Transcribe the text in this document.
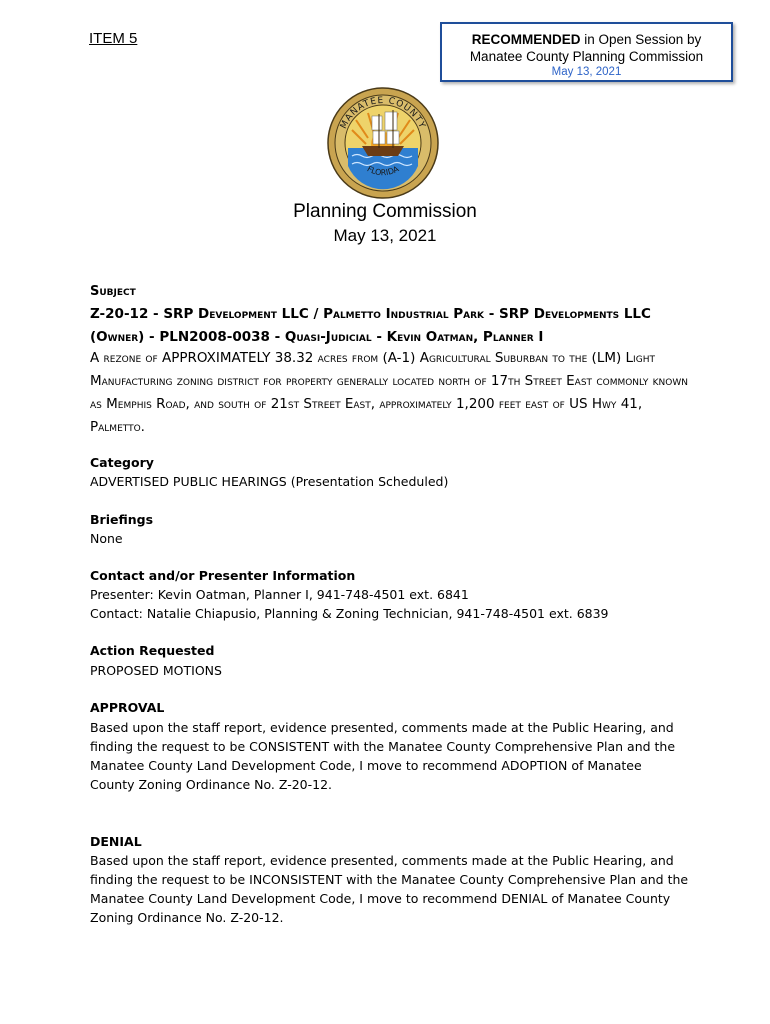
ITEM 5	RECOMMENDED in Open Session by
Manatee County Planning Commission
May 13, 2021
MANATEE COUNTY
FLORIDA
Planning Commission
May 13, 2021
Subject
Z-20-12 - SRP Development LLC / Palmetto Industrial Park - SRP Developments LLC (Owner) - PLN2008-0038 - Quasi-Judicial - Kevin Oatman, Planner I
A rezone of APPROXIMATELY 38.32 acres from (A-1) Agricultural Suburban to the (LM) Light Manufacturing zoning district for property generally located north of 17th Street East commonly known as Memphis Road, and south of 21st Street East, approximately 1,200 feet east of US Hwy 41, Palmetto.
Category
ADVERTISED PUBLIC HEARINGS (Presentation Scheduled)
Briefings
None
Contact and/or Presenter Information
Presenter: Kevin Oatman, Planner I, 941-748-4501 ext. 6841
Contact: Natalie Chiapusio, Planning & Zoning Technician, 941-748-4501 ext. 6839
Action Requested
PROPOSED MOTIONS
APPROVAL
Based upon the staff report, evidence presented, comments made at the Public Hearing, and finding the request to be CONSISTENT with the Manatee County Comprehensive Plan and the Manatee County Land Development Code, I move to recommend ADOPTION of Manatee County Zoning Ordinance No. Z-20-12.
DENIAL
Based upon the staff report, evidence presented, comments made at the Public Hearing, and finding the request to be INCONSISTENT with the Manatee County Comprehensive Plan and the Manatee County Land Development Code, I move to recommend DENIAL of Manatee County Zoning Ordinance No. Z-20-12.
